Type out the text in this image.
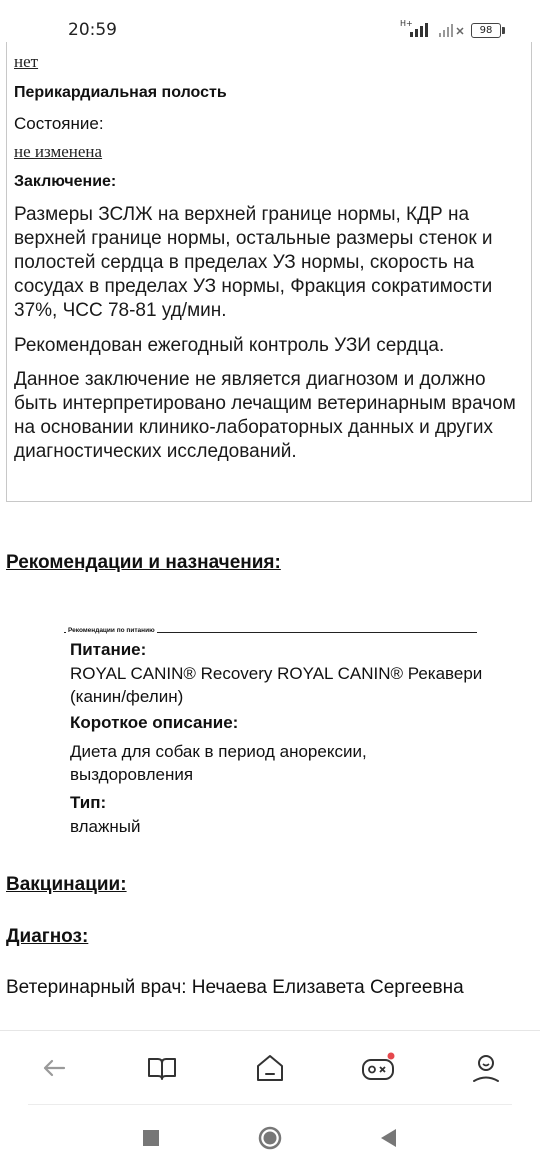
20:59	H+
98
нет
Перикардиальная полость
Состояние:
не изменена
Заключение:
Размеры ЗСЛЖ на верхней границе нормы, КДР на верхней границе нормы, остальные размеры стенок и полостей сердца в пределах УЗ нормы, скорость на сосудах в пределах УЗ нормы, Фракция сократимости 37%, ЧСС 78-81 уд/мин.
Рекомендован ежегодный контроль УЗИ сердца.
Данное заключение не является диагнозом и должно быть интерпретировано лечащим ветеринарным врачом на основании клинико-лабораторных данных и других диагностических исследований.
Рекомендации и назначения:
Рекомендации по питанию
Питание:
ROYAL CANIN® Recovery ROYAL CANIN® Рекавери (канин/фелин)
Короткое описание:
Диета для собак в период анорексии, выздоровления
Тип:
влажный
Вакцинации:
Диагноз:
Ветеринарный врач: Нечаева Елизавета Сергеевна
